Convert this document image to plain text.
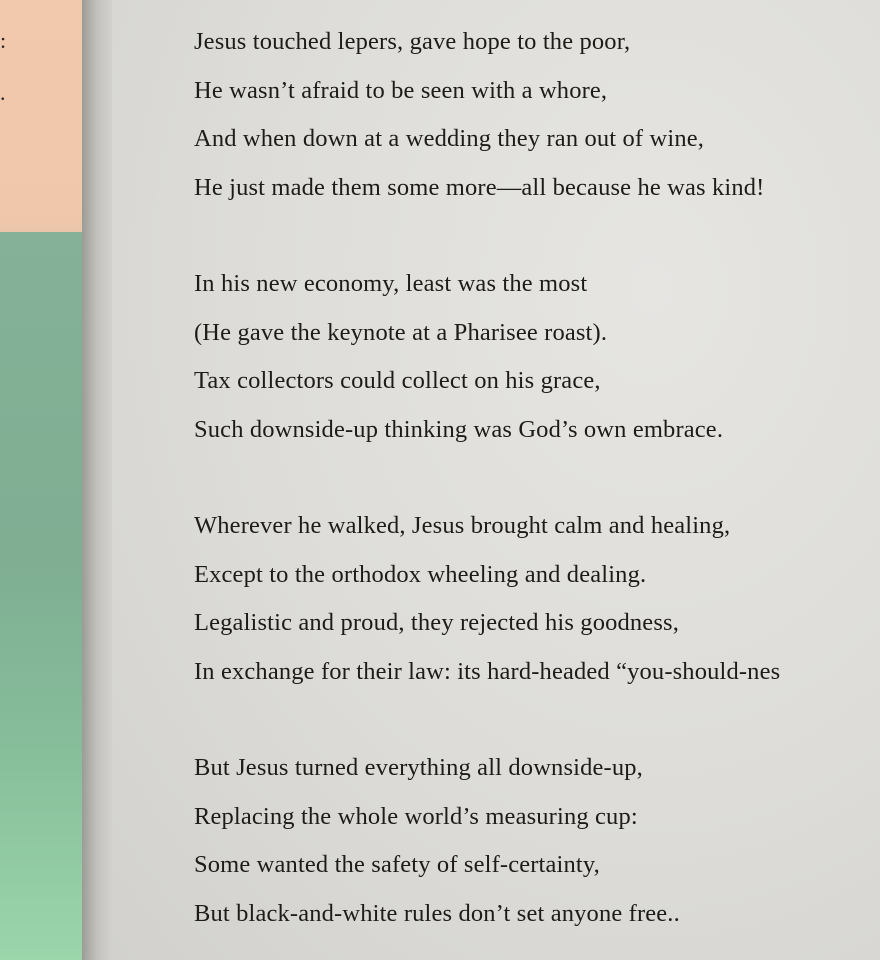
:
.
Jesus touched lepers, gave hope to the poor,
He wasn’t afraid to be seen with a whore,
And when down at a wedding they ran out of wine,
He just made them some more—all because he was kind!
In his new economy, least was the most
(He gave the keynote at a Pharisee roast).
Tax collectors could collect on his grace,
Such downside-up thinking was God’s own embrace.
Wherever he walked, Jesus brought calm and healing,
Except to the orthodox wheeling and dealing.
Legalistic and proud, they rejected his goodness,
In exchange for their law: its hard-headed “you-should-nes
But Jesus turned everything all downside-up,
Replacing the whole world’s measuring cup:
Some wanted the safety of self-certainty,
But black-and-white rules don’t set anyone free..
